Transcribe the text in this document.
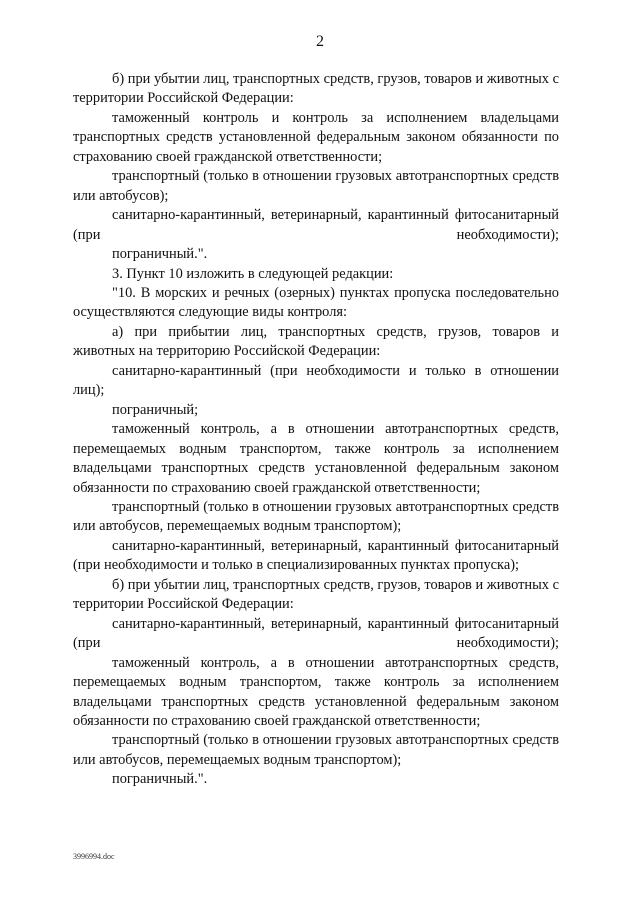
2

б) при убытии лиц, транспортных средств, грузов, товаров и животных с территории Российской Федерации:

таможенный контроль и контроль за исполнением владельцами транспортных средств установленной федеральным законом обязанности по страхованию своей гражданской ответственности;

транспортный (только в отношении грузовых автотранспортных средств или автобусов);

санитарно-карантинный, ветеринарный, карантинный фитосанитарный (при необходимости);

пограничный.".

3. Пункт 10 изложить в следующей редакции:

"10. В морских и речных (озерных) пунктах пропуска последовательно осуществляются следующие виды контроля:

а) при прибытии лиц, транспортных средств, грузов, товаров и животных на территорию Российской Федерации:

санитарно-карантинный (при необходимости и только в отношении лиц);

пограничный;

таможенный контроль, а в отношении автотранспортных средств, перемещаемых водным транспортом, также контроль за исполнением владельцами транспортных средств установленной федеральным законом обязанности по страхованию своей гражданской ответственности;

транспортный (только в отношении грузовых автотранспортных средств или автобусов, перемещаемых водным транспортом);

санитарно-карантинный, ветеринарный, карантинный фитосанитарный (при необходимости и только в специализированных пунктах пропуска);

б) при убытии лиц, транспортных средств, грузов, товаров и животных с территории Российской Федерации:

санитарно-карантинный, ветеринарный, карантинный фитосанитарный (при необходимости);

таможенный контроль, а в отношении автотранспортных средств, перемещаемых водным транспортом, также контроль за исполнением владельцами транспортных средств установленной федеральным законом обязанности по страхованию своей гражданской ответственности;

транспортный (только в отношении грузовых автотранспортных средств или автобусов, перемещаемых водным транспортом);

пограничный.".

3996994.doc
